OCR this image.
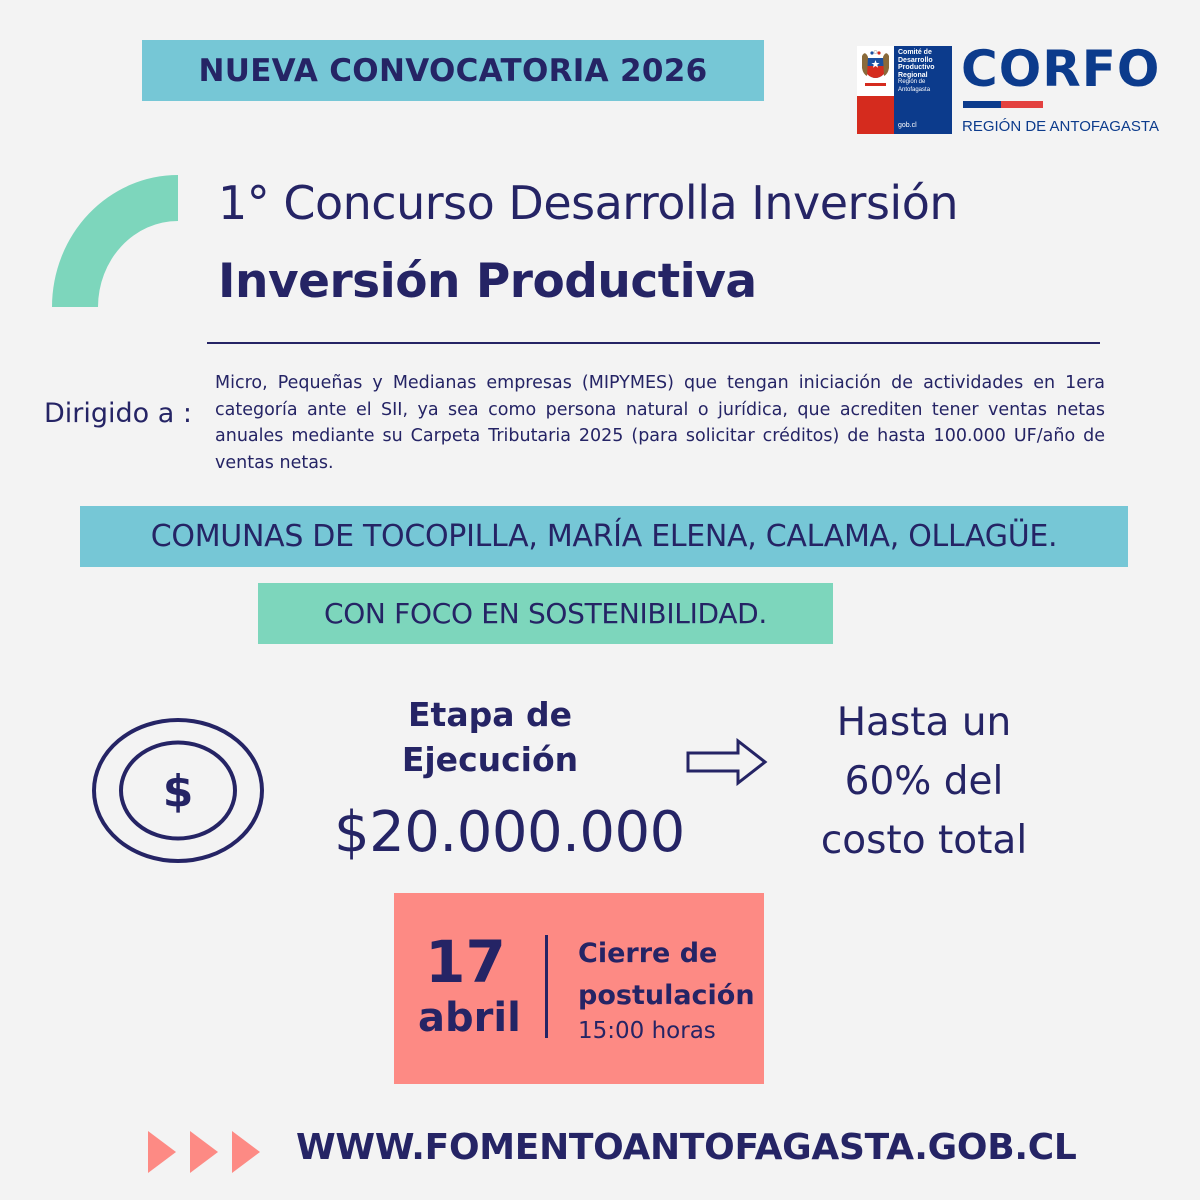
NUEVA CONVOCATORIA 2026	Comité de
Desarrollo
Productivo
Regional
Región de Antofagasta
gob.cl
CORFO
REGIÓN DE ANTOFAGASTA
1° Concurso Desarrolla Inversión
Inversión Productiva
Dirigido a :
Micro, Pequeñas y Medianas empresas (MIPYMES) que tengan iniciación de actividades en 1era categoría ante el SII, ya sea como persona natural o jurídica, que acrediten tener ventas netas anuales mediante su Carpeta Tributaria 2025 (para solicitar créditos) de hasta 100.000 UF/año de ventas netas.
COMUNAS DE TOCOPILLA, MARÍA ELENA, CALAMA, OLLAGÜE.
CON FOCO EN SOSTENIBILIDAD.
$
Etapa de
Ejecución
$20.000.000
Hasta un
60% del
costo total
17
abril
Cierre de
postulación
15:00 horas
WWW.FOMENTOANTOFAGASTA.GOB.CL
